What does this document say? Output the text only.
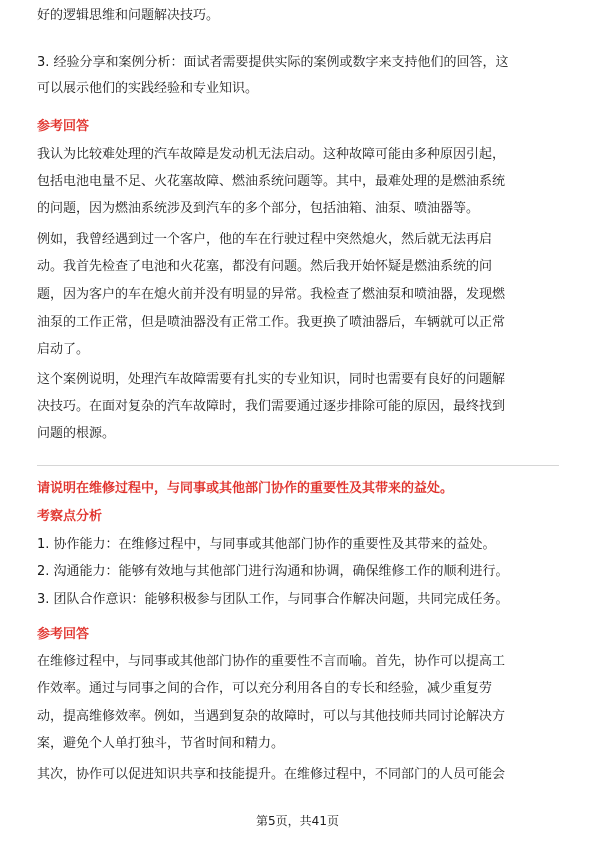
好的逻辑思维和问题解决技巧。
3. 经验分享和案例分析：面试者需要提供实际的案例或数字来支持他们的回答，这
可以展示他们的实践经验和专业知识。
参考回答
我认为比较难处理的汽车故障是发动机无法启动。这种故障可能由多种原因引起，
包括电池电量不足、火花塞故障、燃油系统问题等。其中，最难处理的是燃油系统
的问题，因为燃油系统涉及到汽车的多个部分，包括油箱、油泵、喷油器等。
例如，我曾经遇到过一个客户，他的车在行驶过程中突然熄火，然后就无法再启
动。我首先检查了电池和火花塞，都没有问题。然后我开始怀疑是燃油系统的问
题，因为客户的车在熄火前并没有明显的异常。我检查了燃油泵和喷油器，发现燃
油泵的工作正常，但是喷油器没有正常工作。我更换了喷油器后，车辆就可以正常
启动了。
这个案例说明，处理汽车故障需要有扎实的专业知识，同时也需要有良好的问题解
决技巧。在面对复杂的汽车故障时，我们需要通过逐步排除可能的原因，最终找到
问题的根源。
请说明在维修过程中，与同事或其他部门协作的重要性及其带来的益处。
考察点分析
1. 协作能力：在维修过程中，与同事或其他部门协作的重要性及其带来的益处。
2. 沟通能力：能够有效地与其他部门进行沟通和协调，确保维修工作的顺利进行。
3. 团队合作意识：能够积极参与团队工作，与同事合作解决问题，共同完成任务。
参考回答
在维修过程中，与同事或其他部门协作的重要性不言而喻。首先，协作可以提高工
作效率。通过与同事之间的合作，可以充分利用各自的专长和经验，减少重复劳
动，提高维修效率。例如，当遇到复杂的故障时，可以与其他技师共同讨论解决方
案，避免个人单打独斗，节省时间和精力。
其次，协作可以促进知识共享和技能提升。在维修过程中，不同部门的人员可能会
第5页，共41页
